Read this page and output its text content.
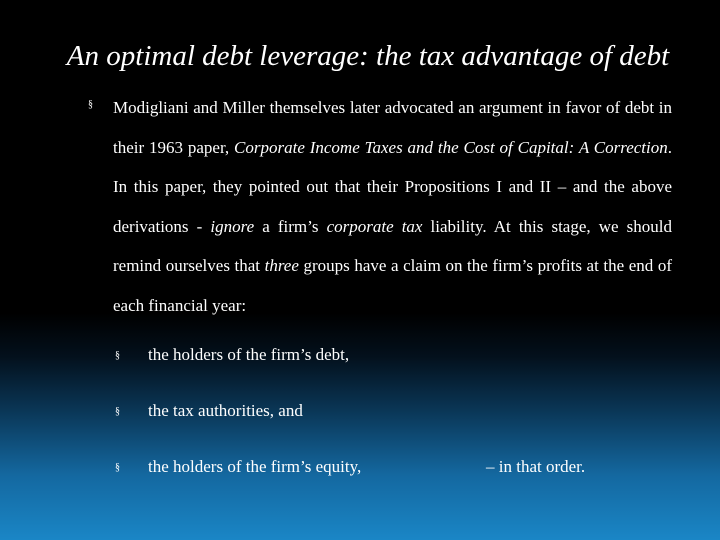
An optimal debt leverage: the tax advantage of debt
§ Modigliani and Miller themselves later advocated an argument in favor of debt in their 1963 paper, Corporate Income Taxes and the Cost of Capital: A Correction. In this paper, they pointed out that their Propositions I and II – and the above derivations - ignore a firm’s corporate tax liability. At this stage, we should remind ourselves that three groups have a claim on the firm’s profits at the end of each financial year:
§ the holders of the firm’s debt,
§ the tax authorities, and
§ the holders of the firm’s equity,	– in that order.
